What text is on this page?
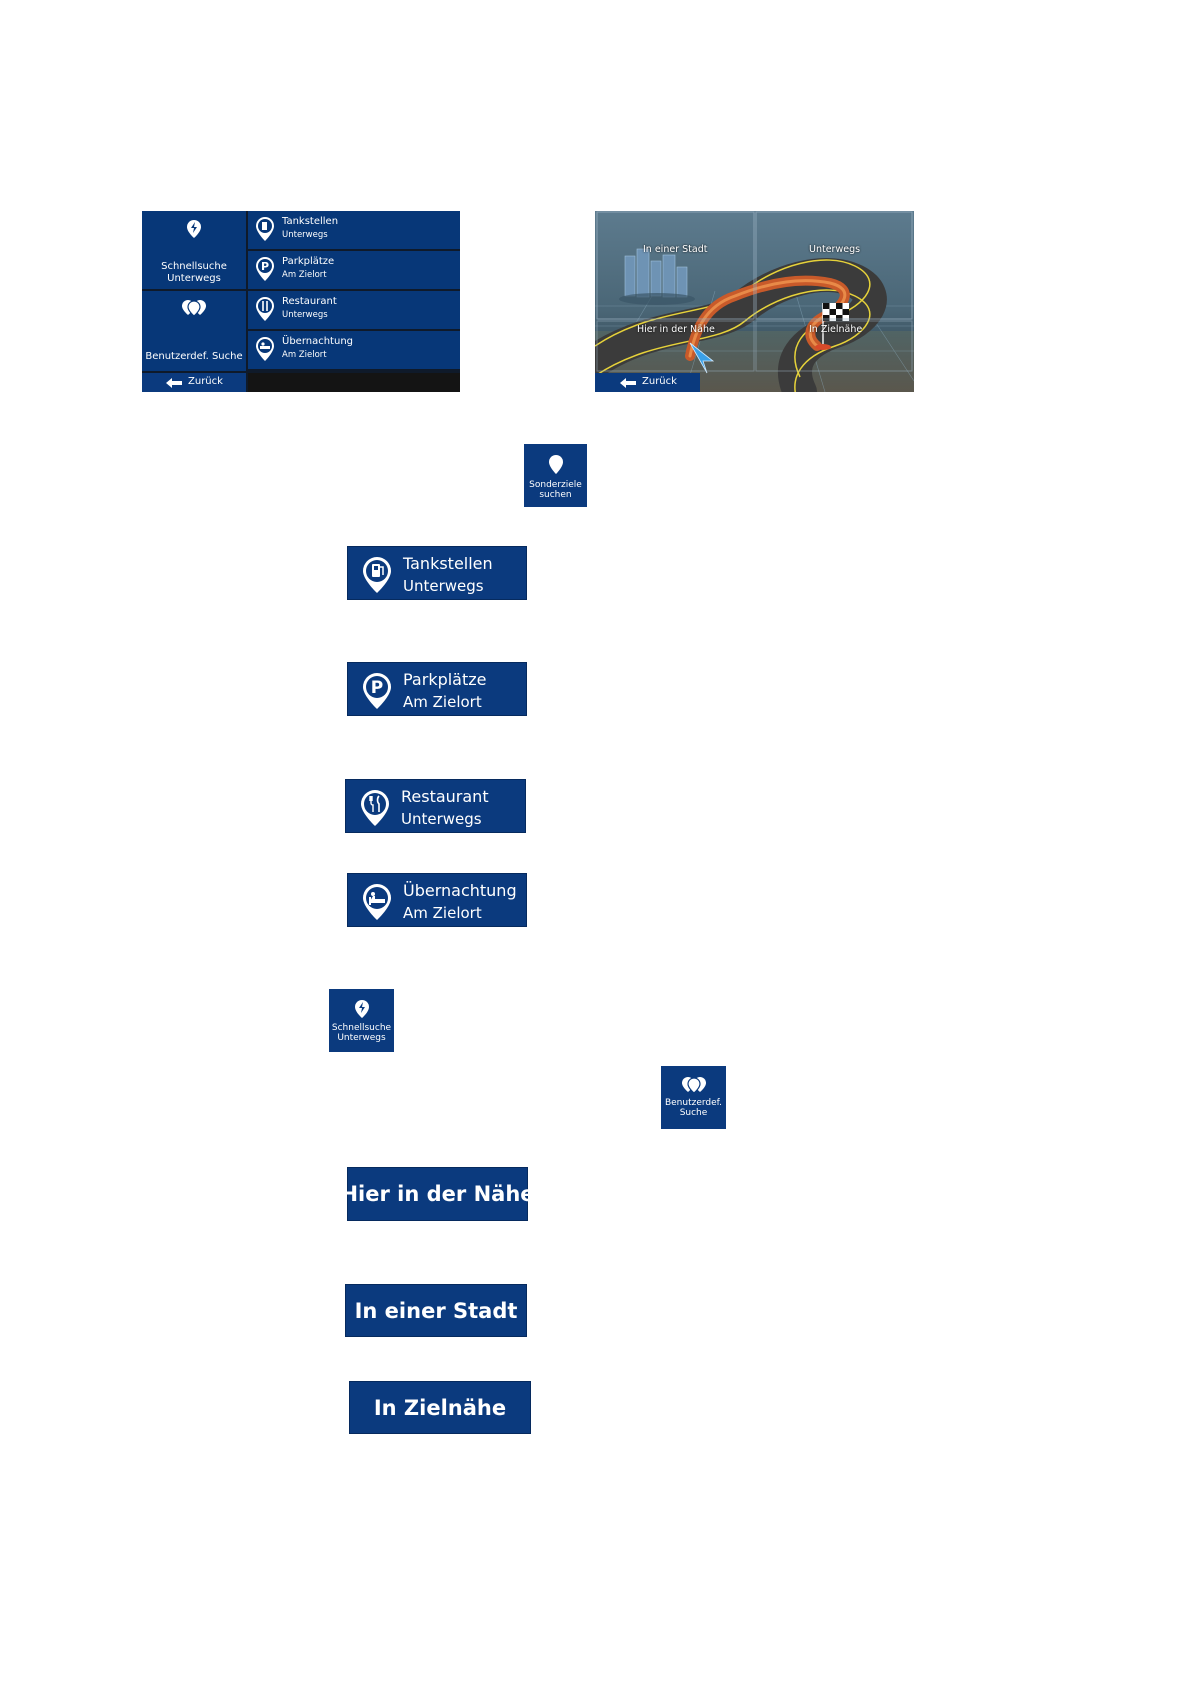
Schnellsuche
Unterwegs
Benutzerdef. Suche
Tankstellen
Unterwegs
P Parkplätze
Am Zielort
Restaurant
Unterwegs
Übernachtung
Am Zielort
Zurück
In einer Stadt	Unterwegs
Hier in der Nähe	In Zielnähe
Zurück
Sonderziele
suchen
Tankstellen
Unterwegs
P Parkplätze
Am Zielort
Restaurant
Unterwegs
Übernachtung
Am Zielort
Schnellsuche
Unterwegs
Benutzerdef.
Suche
Hier in der Nähe
In einer Stadt
In Zielnähe
